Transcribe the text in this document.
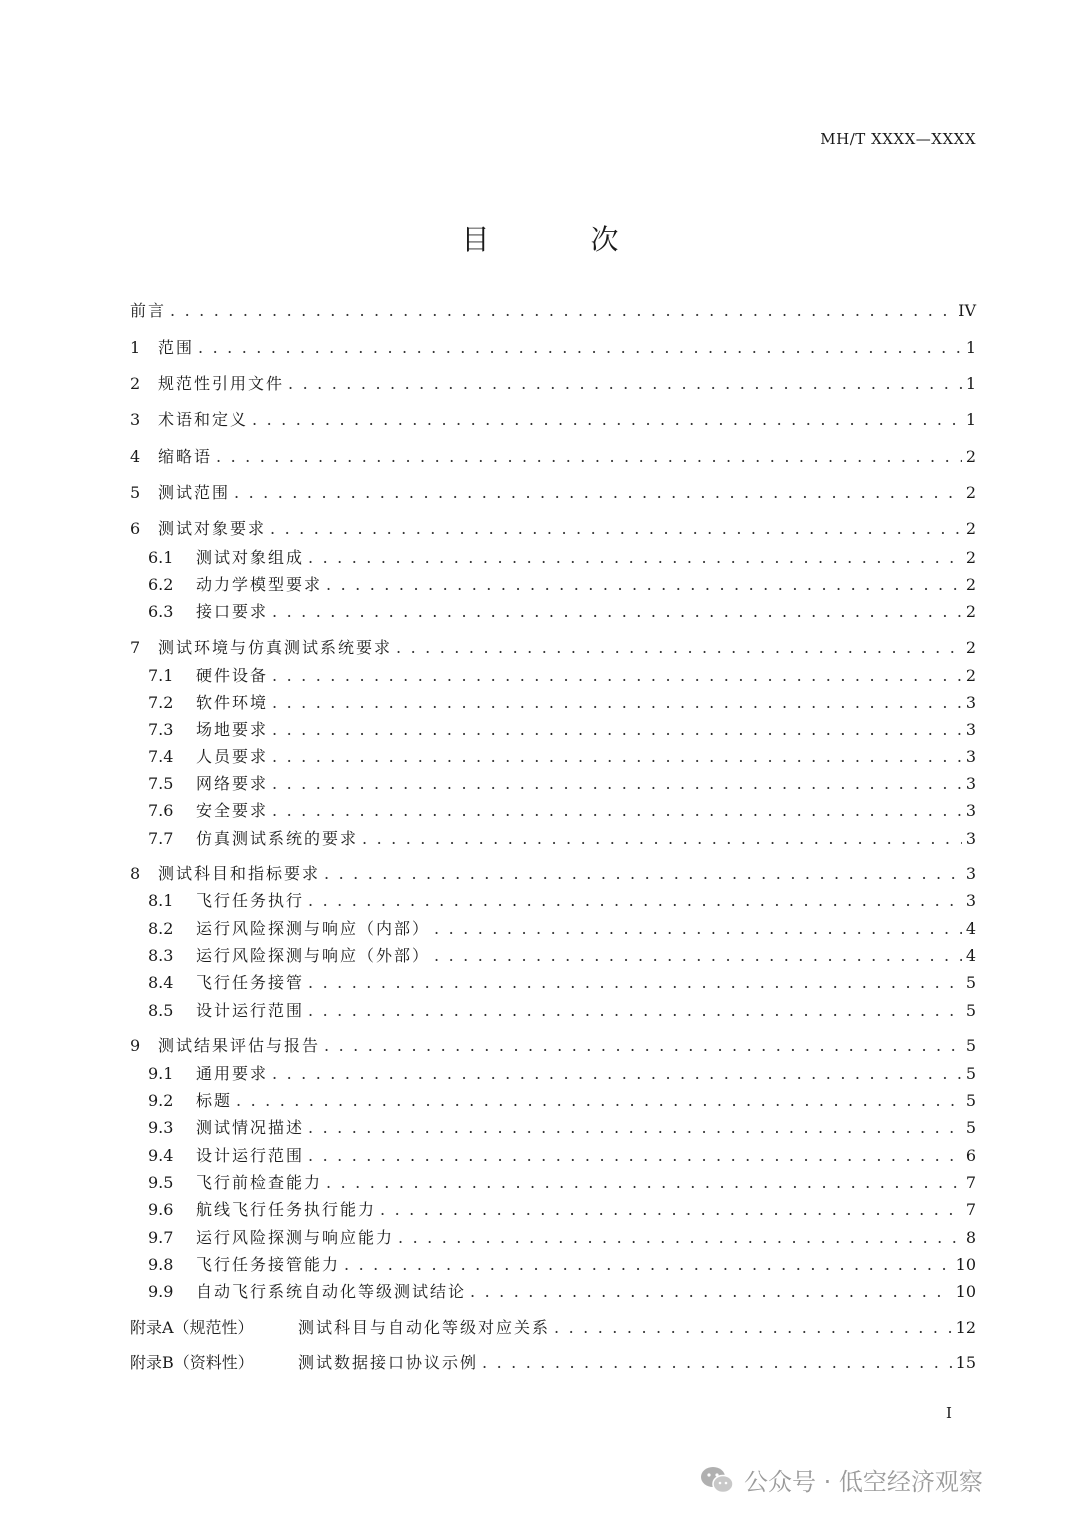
MH/T XXXX—XXXX
目 次
前言 . . .	IV
1	范围 . . .	1
2	规范性引用文件 . . .	1
3	术语和定义 . . .	1
4	缩略语 . . .	2
5	测试范围 . . .	2
6	测试对象要求 . . .	2
6.1	测试对象组成 . . .	2
6.2	动力学模型要求 . . .	2
6.3	接口要求 . . .	2
7	测试环境与仿真测试系统要求 . . .	2
7.1	硬件设备 . . .	2
7.2	软件环境 . . .	3
7.3	场地要求 . . .	3
7.4	人员要求 . . .	3
7.5	网络要求 . . .	3
7.6	安全要求 . . .	3
7.7	仿真测试系统的要求 . . .	3
8	测试科目和指标要求 . . .	3
8.1	飞行任务执行 . . .	3
8.2	运行风险探测与响应（内部） . . .	4
8.3	运行风险探测与响应（外部） . . .	4
8.4	飞行任务接管 . . .	5
8.5	设计运行范围 . . .	5
9	测试结果评估与报告 . . .	5
9.1	通用要求 . . .	5
9.2	标题 . . .	5
9.3	测试情况描述 . . .	5
9.4	设计运行范围 . . .	6
9.5	飞行前检查能力 . . .	7
9.6	航线飞行任务执行能力 . . .	7
9.7	运行风险探测与响应能力 . . .	8
9.8	飞行任务接管能力 . . .	10
9.9	自动飞行系统自动化等级测试结论 . . .	10
附录A（规范性）	测试科目与自动化等级对应关系 . . .	12
附录B（资料性）	测试数据接口协议示例 . . .	15
I
公众号 · 低空经济观察
